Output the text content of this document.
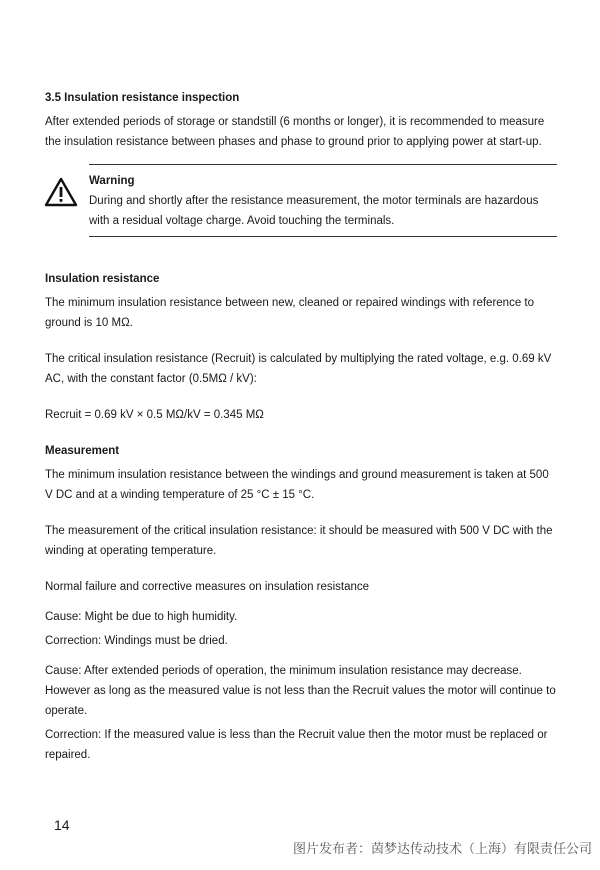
3.5 Insulation resistance inspection

After extended periods of storage or standstill (6 months or longer), it is recommended to measure the insulation resistance between phases and phase to ground prior to applying power at start-up.

Warning

During and shortly after the resistance measurement, the motor terminals are hazardous with a residual voltage charge. Avoid touching the terminals.

Insulation resistance

The minimum insulation resistance between new, cleaned or repaired windings with reference to ground is 10 MΩ.

The critical insulation resistance (Recruit) is calculated by multiplying the rated voltage, e.g. 0.69 kV AC, with the constant factor (0.5MΩ / kV):

Recruit = 0.69 kV × 0.5 MΩ/kV = 0.345 MΩ

Measurement

The minimum insulation resistance between the windings and ground measurement is taken at 500 V DC and at a winding temperature of 25 °C ± 15 °C.

The measurement of the critical insulation resistance: it should be measured with 500 V DC with the winding at operating temperature.

Normal failure and corrective measures on insulation resistance

Cause: Might be due to high humidity.

Correction: Windings must be dried.

Cause: After extended periods of operation, the minimum insulation resistance may decrease. However as long as the measured value is not less than the Recruit values the motor will continue to operate.

Correction: If the measured value is less than the Recruit value then the motor must be replaced or repaired.

14
图片发布者：茵梦达传动技术（上海）有限责任公司
